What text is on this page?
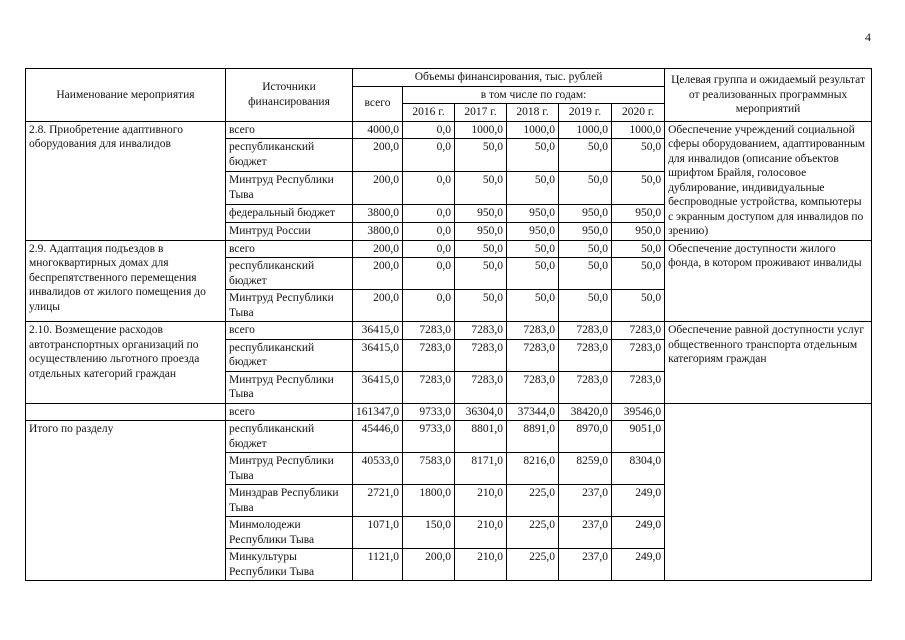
4
Наименование мероприятия	Источники финансирования	Объемы финансирования, тыс. рублей						Целевая группа и ожидаемый результат от реализованных программных мероприятий
		всего	в том числе по годам:					
			2016 г.	2017 г.	2018 г.	2019 г.	2020 г.	
2.8. Приобретение адаптивного оборудования для инвалидов	всего	4000,0	0,0	1000,0	1000,0	1000,0	1000,0	Обеспечение учреждений социальной сферы оборудованием, адаптированным для инвалидов (описание объектов шрифтом Брайля, голосовое дублирование, индивидуальные беспроводные устройства, компьютеры с экранным доступом для инвалидов по зрению)
	республиканский бюджет	200,0	0,0	50,0	50,0	50,0	50,0	
	Минтруд Республики Тыва	200,0	0,0	50,0	50,0	50,0	50,0	
	федеральный бюджет	3800,0	0,0	950,0	950,0	950,0	950,0	
	Минтруд России	3800,0	0,0	950,0	950,0	950,0	950,0	
2.9. Адаптация подъездов в многоквартирных домах для беспрепятственного перемещения инвалидов от жилого помещения до улицы	всего	200,0	0,0	50,0	50,0	50,0	50,0	Обеспечение доступности жилого фонда, в котором проживают инвалиды
	республиканский бюджет	200,0	0,0	50,0	50,0	50,0	50,0	
	Минтруд Республики Тыва	200,0	0,0	50,0	50,0	50,0	50,0	
2.10. Возмещение расходов автотранспортных организаций по осуществлению льготного проезда отдельных категорий граждан	всего	36415,0	7283,0	7283,0	7283,0	7283,0	7283,0	Обеспечение равной доступности услуг общественного транспорта отдельным категориям граждан
	республиканский бюджет	36415,0	7283,0	7283,0	7283,0	7283,0	7283,0	
	Минтруд Республики Тыва	36415,0	7283,0	7283,0	7283,0	7283,0	7283,0	
	всего	161347,0	9733,0	36304,0	37344,0	38420,0	39546,0	
Итого по разделу	республиканский бюджет	45446,0	9733,0	8801,0	8891,0	8970,0	9051,0	
	Минтруд Республики Тыва	40533,0	7583,0	8171,0	8216,0	8259,0	8304,0	
	Минздрав Республики Тыва	2721,0	1800,0	210,0	225,0	237,0	249,0	
	Минмолодежи Республики Тыва	1071,0	150,0	210,0	225,0	237,0	249,0	
	Минкультуры Республики Тыва	1121,0	200,0	210,0	225,0	237,0	249,0	
